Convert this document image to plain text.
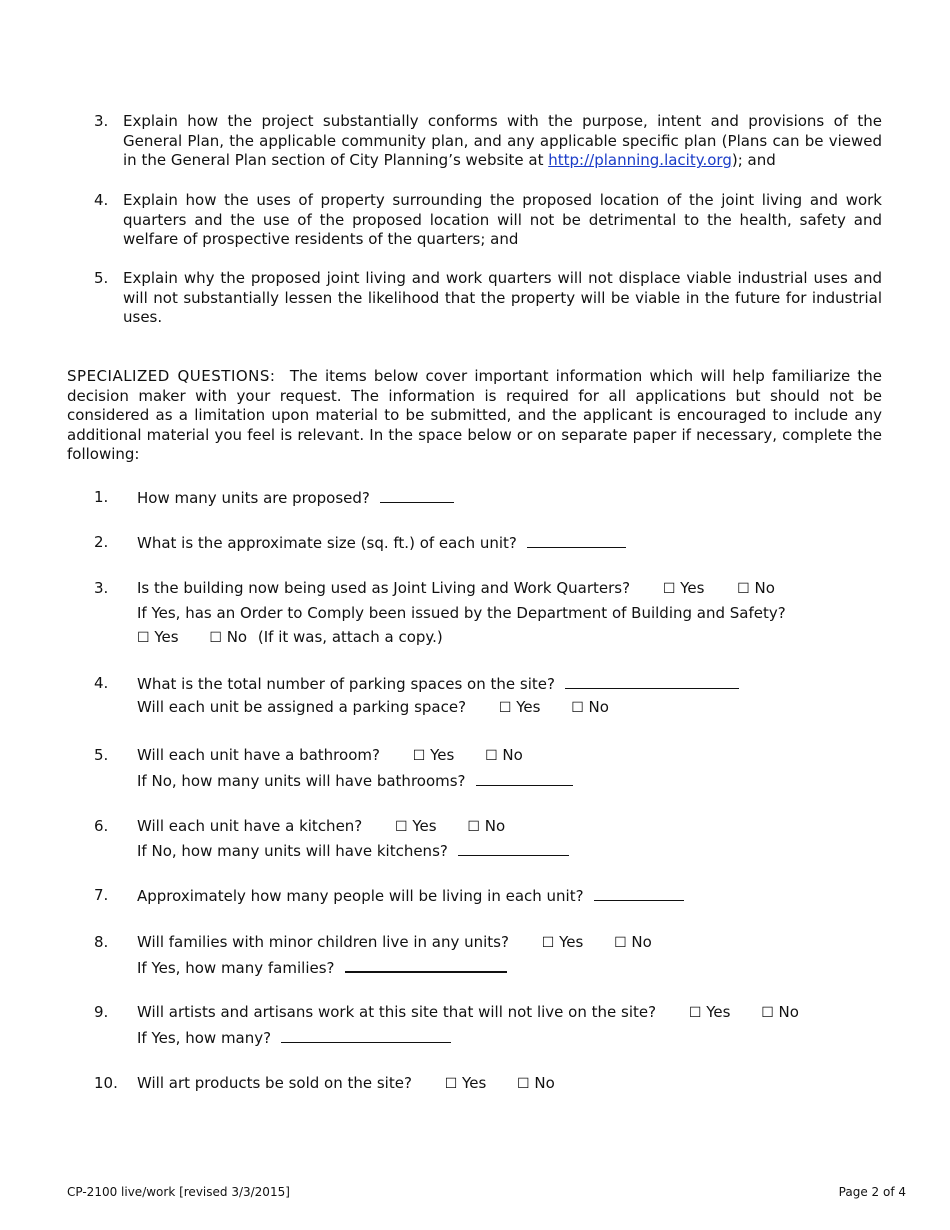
3. Explain how the project substantially conforms with the purpose, intent and provisions of the General Plan, the applicable community plan, and any applicable specific plan (Plans can be viewed in the General Plan section of City Planning’s website at http://planning.lacity.org); and
4. Explain how the uses of property surrounding the proposed location of the joint living and work quarters and the use of the proposed location will not be detrimental to the health, safety and welfare of prospective residents of the quarters; and
5. Explain why the proposed joint living and work quarters will not displace viable industrial uses and will not substantially lessen the likelihood that the property will be viable in the future for industrial uses.
SPECIALIZED QUESTIONS: The items below cover important information which will help familiarize the decision maker with your request. The information is required for all applications but should not be considered as a limitation upon material to be submitted, and the applicant is encouraged to include any additional material you feel is relevant. In the space below or on separate paper if necessary, complete the following:
1. How many units are proposed?
2. What is the approximate size (sq. ft.) of each unit?
3. Is the building now being used as Joint Living and Work Quarters? ☐ Yes ☐ No
If Yes, has an Order to Comply been issued by the Department of Building and Safety?
☐ Yes ☐ No (If it was, attach a copy.)
4. What is the total number of parking spaces on the site?
Will each unit be assigned a parking space? ☐ Yes ☐ No
5. Will each unit have a bathroom? ☐ Yes ☐ No
If No, how many units will have bathrooms?
6. Will each unit have a kitchen? ☐ Yes ☐ No
If No, how many units will have kitchens?
7. Approximately how many people will be living in each unit?
8. Will families with minor children live in any units? ☐ Yes ☐ No
If Yes, how many families?
9. Will artists and artisans work at this site that will not live on the site? ☐ Yes ☐ No
If Yes, how many?
10. Will art products be sold on the site? ☐ Yes ☐ No
CP-2100 live/work [revised 3/3/2015]	Page 2 of 4
